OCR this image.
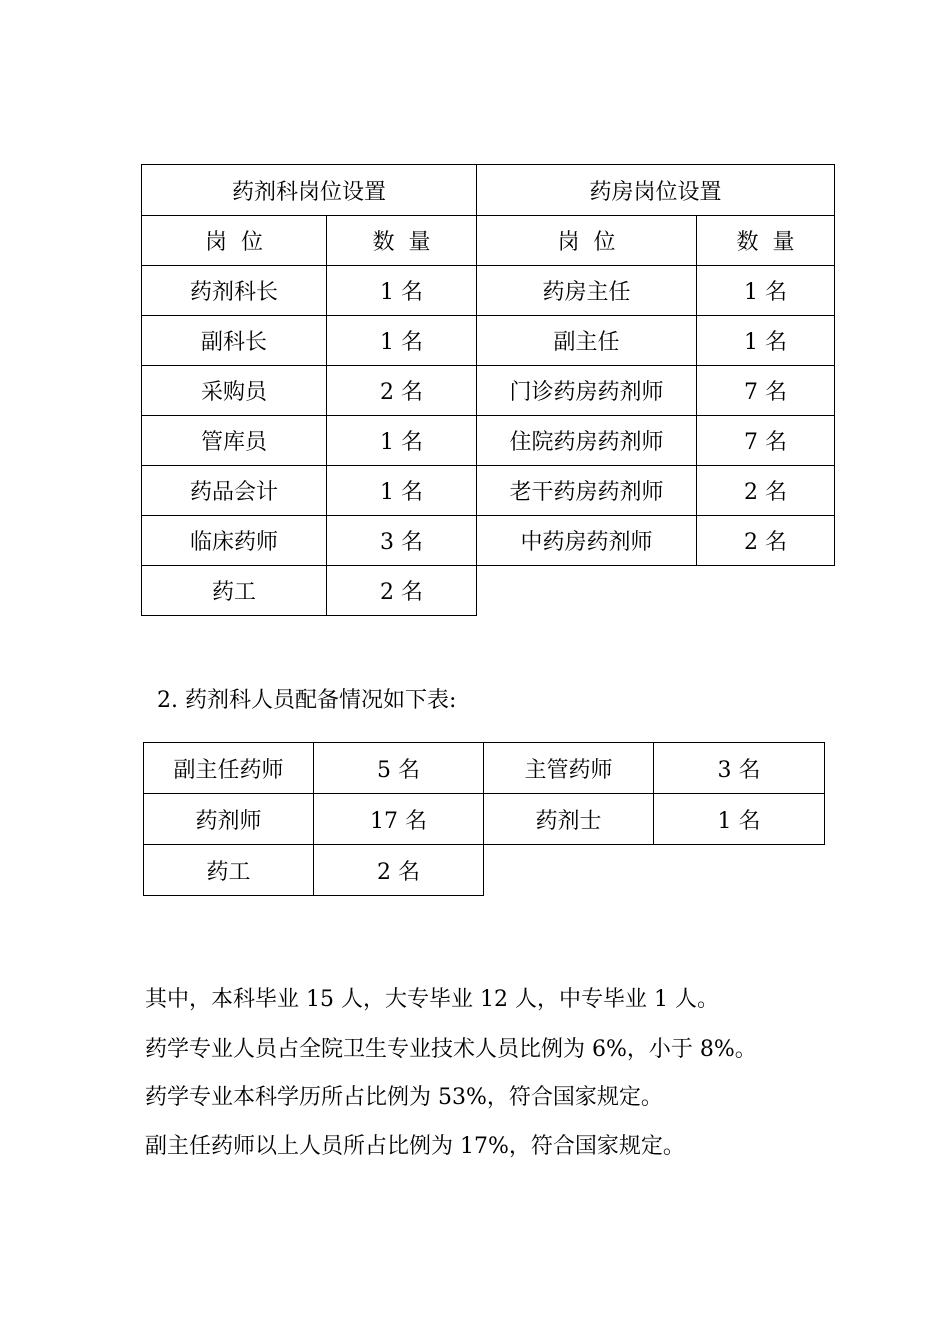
药剂科岗位设置		药房岗位设置	
岗  位	数  量	岗  位	数  量
药剂科长	1 名	药房主任	1 名
副科长	1 名	副主任	1 名
采购员	2 名	门诊药房药剂师	7 名
管库员	1 名	住院药房药剂师	7 名
药品会计	1 名	老干药房药剂师	2 名
临床药师	3 名	中药房药剂师	2 名
药工	2 名		

2. 药剂科人员配备情况如下表:

副主任药师	5 名	主管药师	3 名
药剂师	17 名	药剂士	1 名
药工	2 名		

其中，本科毕业 15 人，大专毕业 12 人，中专毕业 1 人。

药学专业人员占全院卫生专业技术人员比例为 6%，小于 8%。

药学专业本科学历所占比例为 53%，符合国家规定。

副主任药师以上人员所占比例为 17%，符合国家规定。
